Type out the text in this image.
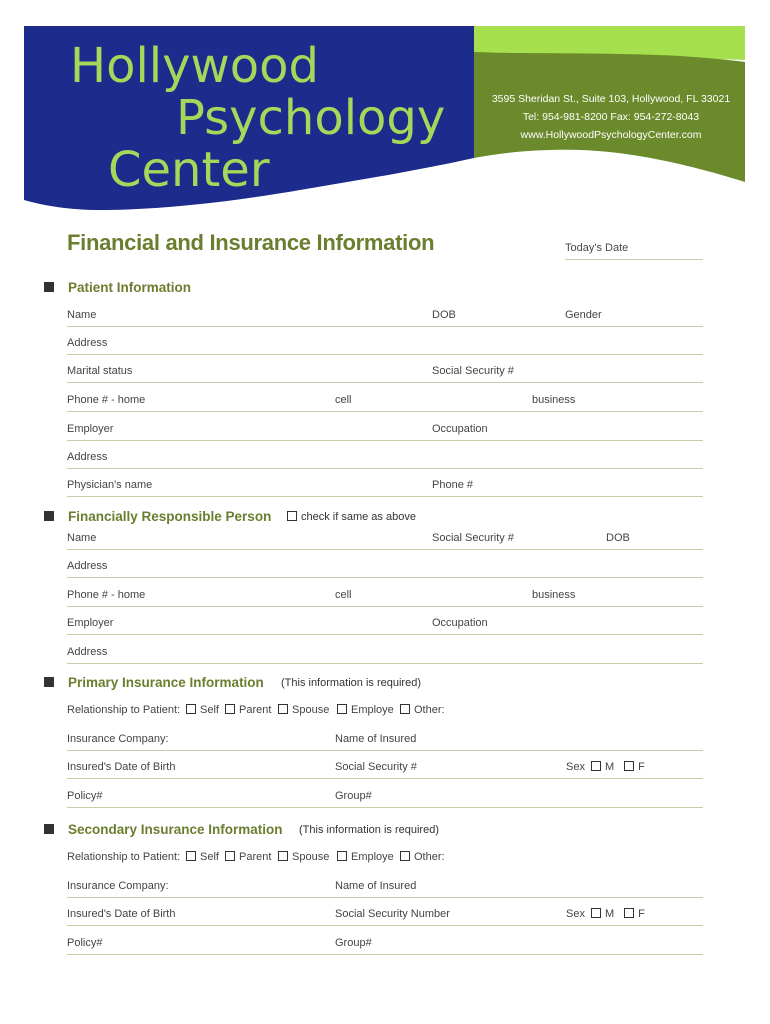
Hollywood
Psychology
Center
3595 Sheridan St., Suite 103, Hollywood, FL 33021
Tel: 954-981-8200 Fax: 954-272-8043
www.HollywoodPsychologyCenter.com
Financial and Insurance Information	Today's Date
Patient Information
Name	DOB	Gender
Address
Marital status	Social Security #
Phone # - home	cell	business
Employer	Occupation
Address
Physician's name	Phone #
Financially Responsible Person	check if same as above
Name	Social Security #	DOB
Address
Phone # - home	cell	business
Employer	Occupation
Address
Primary Insurance Information (This information is required)
Relationship to Patient:	Self	Parent	Spouse	Employe	Other:
Insurance Company:	Name of Insured
Insured's Date of Birth	Social Security #	Sex M F
Policy#	Group#
Secondary Insurance Information (This information is required)
Relationship to Patient:	Self	Parent	Spouse	Employe	Other:
Insurance Company:	Name of Insured
Insured's Date of Birth	Social Security Number	Sex M F
Policy#	Group#
